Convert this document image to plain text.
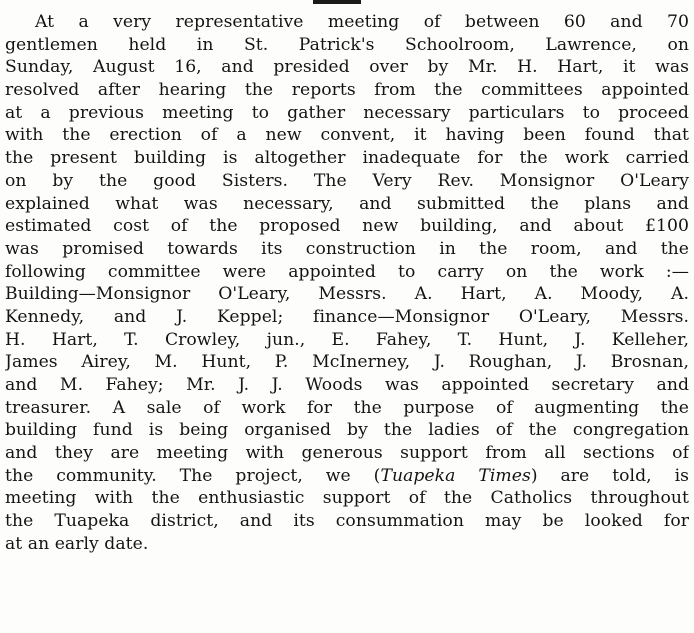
At a very representative meeting of between 60 and 70
gentlemen held in St. Patrick's Schoolroom, Lawrence, on
Sunday, August 16, and presided over by Mr. H. Hart, it was
resolved after hearing the reports from the committees appointed
at a previous meeting to gather necessary particulars to proceed
with the erection of a new convent, it having been found that
the present building is altogether inadequate for the work carried
on by the good Sisters. The Very Rev. Monsignor O'Leary
explained what was necessary, and submitted the plans and
estimated cost of the proposed new building, and about £100
was promised towards its construction in the room, and the
following committee were appointed to carry on the work :—
Building—Monsignor O'Leary, Messrs. A. Hart, A. Moody, A.
Kennedy, and J. Keppel; finance—Monsignor O'Leary, Messrs.
H. Hart, T. Crowley, jun., E. Fahey, T. Hunt, J. Kelleher,
James Airey, M. Hunt, P. McInerney, J. Roughan, J. Brosnan,
and M. Fahey; Mr. J. J. Woods was appointed secretary and
treasurer. A sale of work for the purpose of augmenting the
building fund is being organised by the ladies of the congregation
and they are meeting with generous support from all sections of
the community. The project, we (Tuapeka Times) are told, is
meeting with the enthusiastic support of the Catholics throughout
the Tuapeka district, and its consummation may be looked for
at an early date.
